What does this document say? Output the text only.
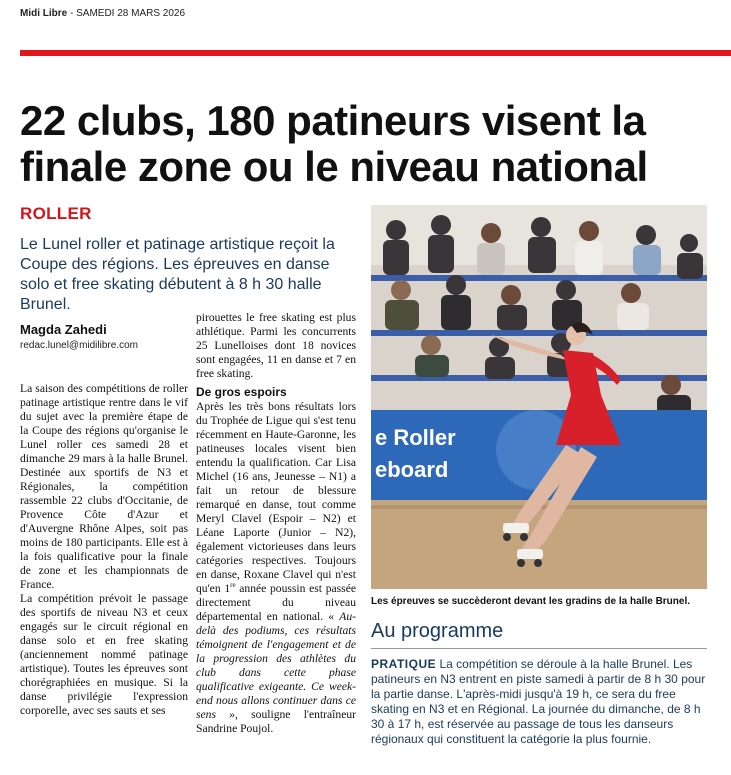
Midi Libre - SAMEDI 28 MARS 2026
22 clubs, 180 patineurs visent la finale zone ou le niveau national
ROLLER

Le Lunel roller et patinage artistique reçoit la Coupe des régions. Les épreuves en danse solo et free skating débutent à 8 h 30 halle Brunel.

Magda Zahedi
redac.lunel@midilibre.com

La saison des compétitions de roller patinage artistique rentre dans le vif du sujet avec la première étape de la Coupe des régions qu'organise le Lunel roller ces samedi 28 et dimanche 29 mars à la halle Brunel. Destinée aux sportifs de N3 et Régionales, la compétition rassemble 22 clubs d'Occitanie, de Provence Côte d'Azur et d'Auvergne Rhône Alpes, soit pas moins de 180 participants. Elle est à la fois qualificative pour la finale de zone et les championnats de France.

La compétition prévoit le passage des sportifs de niveau N3 et ceux engagés sur le circuit régional en danse solo et en free skating (anciennement nommé patinage artistique). Toutes les épreuves sont chorégraphiées en musique. Si la danse privilégie l'expression corporelle, avec ses sauts et ses

pirouettes le free skating est plus athlétique. Parmi les concurrents 25 Lunelloises dont 18 novices sont engagées, 11 en danse et 7 en free skating.

De gros espoirs

Après les très bons résultats lors du Trophée de Ligue qui s'est tenu récemment en Haute-Garonne, les patineuses locales visent bien entendu la qualification. Car Lisa Michel (16 ans, Jeunesse – N1) a fait un retour de blessure remarqué en danse, tout comme Meryl Clavel (Espoir – N2) et Léane Laporte (Junior – N2), également victorieuses dans leurs catégories respectives. Toujours en danse, Roxane Clavel qui n'est qu'en 1re année poussin est passée directement du niveau départemental en national. « Au-delà des podiums, ces résultats témoignent de l'engagement et de la progression des athlètes du club dans cette phase qualificative exigeante. Ce week-end nous allons continuer dans ce sens », souligne l'entraîneur Sandrine Poujol.

e Roller
eboard
Les épreuves se succèderont devant les gradins de la halle Brunel.
Au programme

PRATIQUE La compétition se déroule à la halle Brunel. Les patineurs en N3 entrent en piste samedi à partir de 8 h 30 pour la partie danse. L'après-midi jusqu'à 19 h, ce sera du free skating en N3 et en Régional. La journée du dimanche, de 8 h 30 à 17 h, est réservée au passage de tous les danseurs régionaux qui constituent la catégorie la plus fournie.
